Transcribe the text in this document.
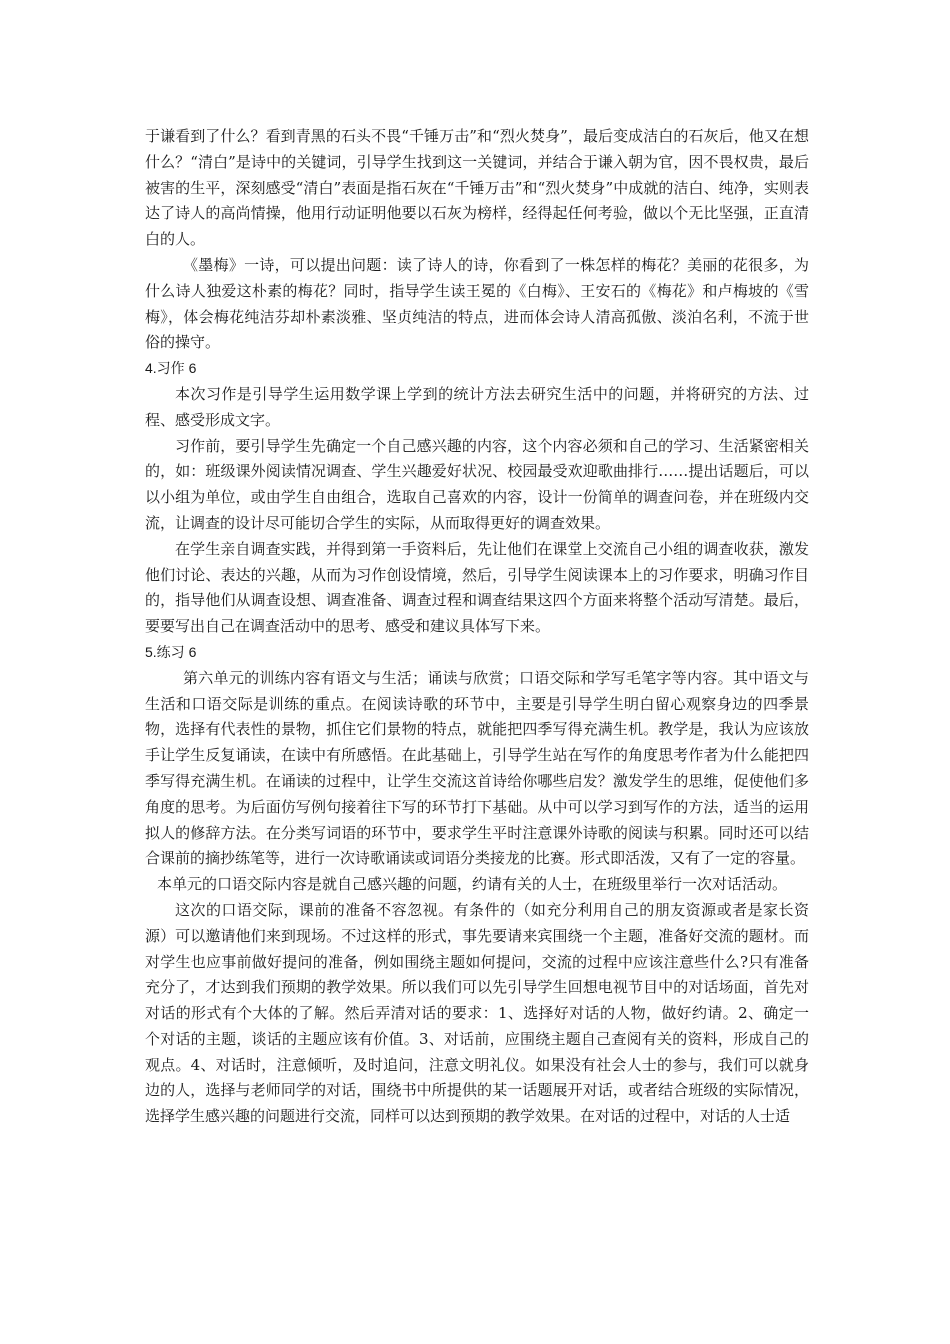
于谦看到了什么？看到青黑的石头不畏“千锤万击”和“烈火焚身”，最后变成洁白的石灰后，他又在想什么？“清白”是诗中的关键词，引导学生找到这一关键词，并结合于谦入朝为官，因不畏权贵，最后被害的生平，深刻感受“清白”表面是指石灰在“千锤万击”和“烈火焚身”中成就的洁白、纯净，实则表达了诗人的高尚情操，他用行动证明他要以石灰为榜样，经得起任何考验，做以个无比坚强，正直清白的人。

《墨梅》一诗，可以提出问题：读了诗人的诗，你看到了一株怎样的梅花？美丽的花很多，为什么诗人独爱这朴素的梅花？同时，指导学生读王冕的《白梅》、王安石的《梅花》和卢梅坡的《雪梅》，体会梅花纯洁芬却朴素淡雅、坚贞纯洁的特点，进而体会诗人清高孤傲、淡泊名利，不流于世俗的操守。

4.习作 6

本次习作是引导学生运用数学课上学到的统计方法去研究生活中的问题，并将研究的方法、过程、感受形成文字。

习作前，要引导学生先确定一个自己感兴趣的内容，这个内容必须和自己的学习、生活紧密相关的，如：班级课外阅读情况调查、学生兴趣爱好状况、校园最受欢迎歌曲排行……提出话题后，可以以小组为单位，或由学生自由组合，选取自己喜欢的内容，设计一份简单的调查问卷，并在班级内交流，让调查的设计尽可能切合学生的实际，从而取得更好的调查效果。

在学生亲自调查实践，并得到第一手资料后，先让他们在课堂上交流自己小组的调查收获，激发他们讨论、表达的兴趣，从而为习作创设情境，然后，引导学生阅读课本上的习作要求，明确习作目的，指导他们从调查设想、调查准备、调查过程和调查结果这四个方面来将整个活动写清楚。最后，要要写出自己在调查活动中的思考、感受和建议具体写下来。

5.练习 6

第六单元的训练内容有语文与生活；诵读与欣赏；口语交际和学写毛笔字等内容。其中语文与生活和口语交际是训练的重点。在阅读诗歌的环节中，主要是引导学生明白留心观察身边的四季景物，选择有代表性的景物，抓住它们景物的特点，就能把四季写得充满生机。教学是，我认为应该放手让学生反复诵读，在读中有所感悟。在此基础上，引导学生站在写作的角度思考作者为什么能把四季写得充满生机。在诵读的过程中，让学生交流这首诗给你哪些启发？激发学生的思维，促使他们多角度的思考。为后面仿写例句接着往下写的环节打下基础。从中可以学习到写作的方法，适当的运用拟人的修辞方法。在分类写词语的环节中，要求学生平时注意课外诗歌的阅读与积累。同时还可以结合课前的摘抄练笔等，进行一次诗歌诵读或词语分类接龙的比赛。形式即活泼，又有了一定的容量。

本单元的口语交际内容是就自己感兴趣的问题，约请有关的人士，在班级里举行一次对话活动。

这次的口语交际，课前的准备不容忽视。有条件的（如充分利用自己的朋友资源或者是家长资源）可以邀请他们来到现场。不过这样的形式，事先要请来宾围绕一个主题，准备好交流的题材。而对学生也应事前做好提问的准备，例如围绕主题如何提问，交流的过程中应该注意些什么?只有准备充分了，才达到我们预期的教学效果。所以我们可以先引导学生回想电视节目中的对话场面，首先对对话的形式有个大体的了解。然后弄清对话的要求：1、选择好对话的人物，做好约请。2、确定一个对话的主题，谈话的主题应该有价值。3、对话前，应围绕主题自己查阅有关的资料，形成自己的观点。4、对话时，注意倾听，及时追问，注意文明礼仪。如果没有社会人士的参与，我们可以就身边的人，选择与老师同学的对话，围绕书中所提供的某一话题展开对话，或者结合班级的实际情况，选择学生感兴趣的问题进行交流，同样可以达到预期的教学效果。在对话的过程中，对话的人士适
